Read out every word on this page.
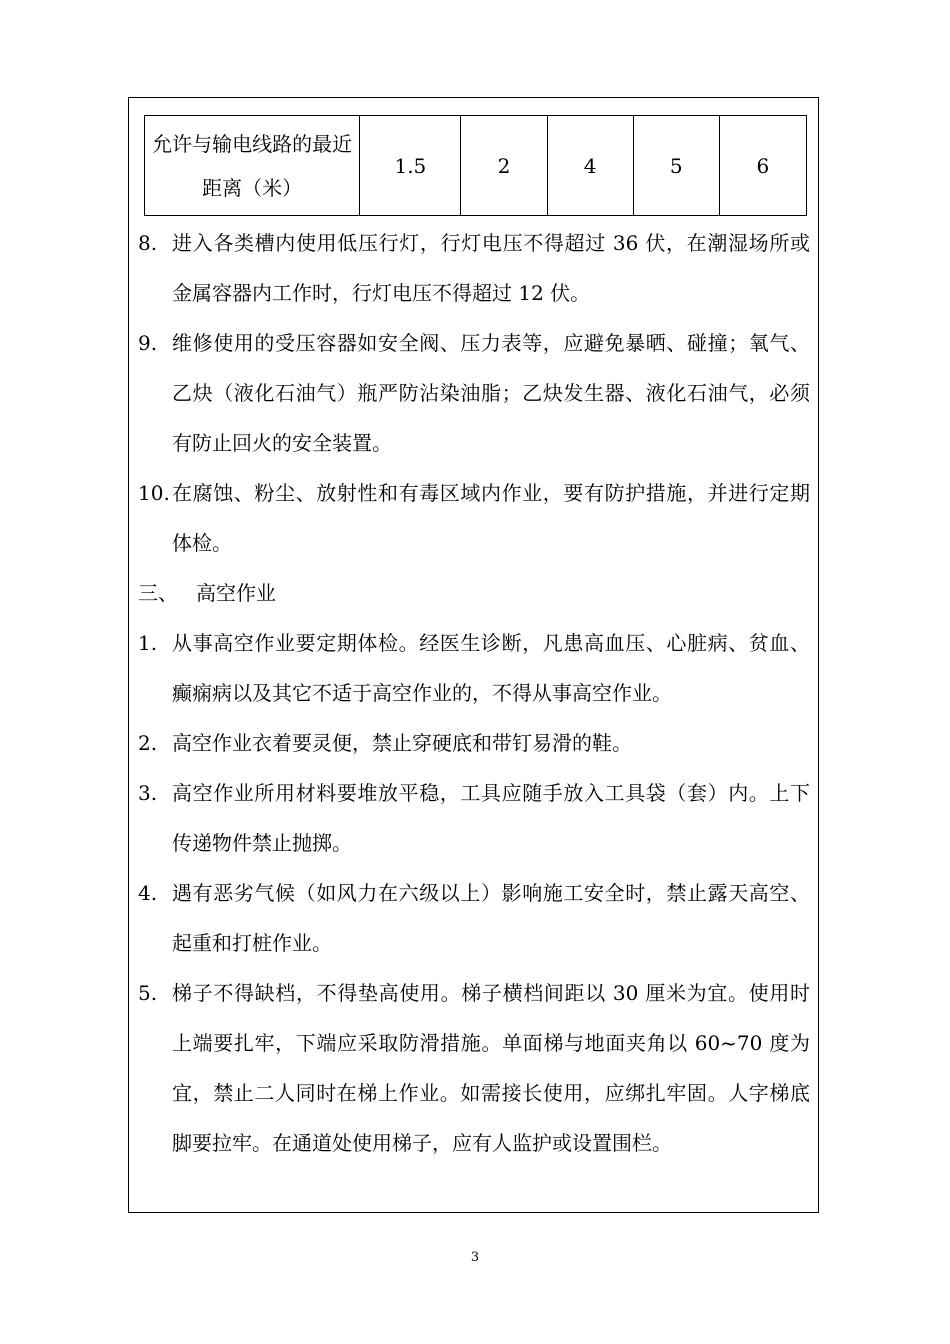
允许与输电线路的最近距离（米）	1.5	2	4	5	6
8. 进入各类槽内使用低压行灯，行灯电压不得超过 36 伏，在潮湿场所或金属容器内工作时，行灯电压不得超过 12 伏。
9. 维修使用的受压容器如安全阀、压力表等，应避免暴晒、碰撞；氧气、乙炔（液化石油气）瓶严防沾染油脂；乙炔发生器、液化石油气，必须有防止回火的安全装置。
10. 在腐蚀、粉尘、放射性和有毒区域内作业，要有防护措施，并进行定期体检。
三、 高空作业
1. 从事高空作业要定期体检。经医生诊断，凡患高血压、心脏病、贫血、癫痫病以及其它不适于高空作业的，不得从事高空作业。
2. 高空作业衣着要灵便，禁止穿硬底和带钉易滑的鞋。
3. 高空作业所用材料要堆放平稳，工具应随手放入工具袋（套）内。上下传递物件禁止抛掷。
4. 遇有恶劣气候（如风力在六级以上）影响施工安全时，禁止露天高空、起重和打桩作业。
5. 梯子不得缺档，不得垫高使用。梯子横档间距以 30 厘米为宜。使用时上端要扎牢，下端应采取防滑措施。单面梯与地面夹角以 60~70 度为宜，禁止二人同时在梯上作业。如需接长使用，应绑扎牢固。人字梯底脚要拉牢。在通道处使用梯子，应有人监护或设置围栏。
3
